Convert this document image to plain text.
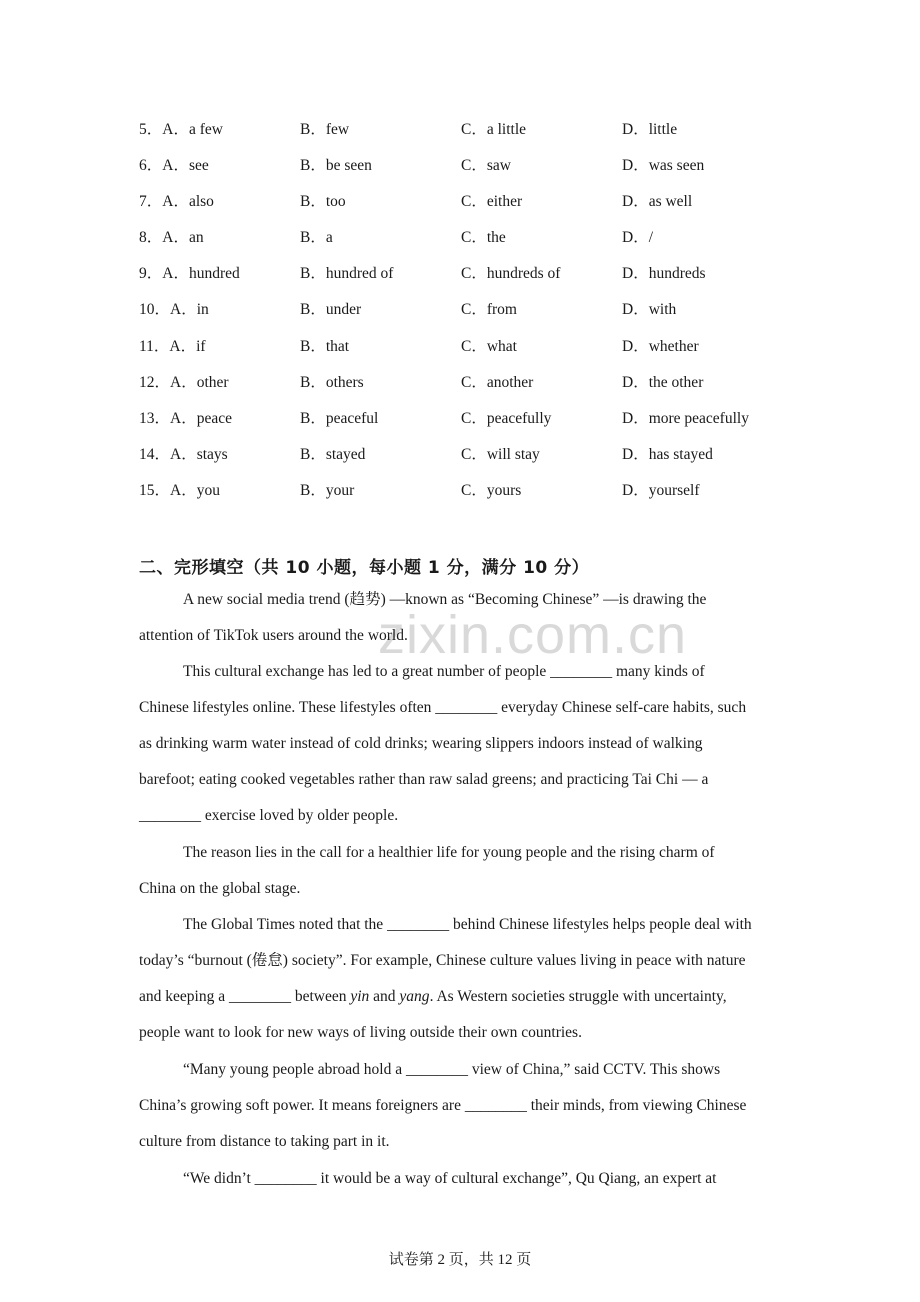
5．A．a few	B．few	C．a little	D．little
6．A．see	B．be seen	C．saw	D．was seen
7．A．also	B．too	C．either	D．as well
8．A．an	B．a	C．the	D．/
9．A．hundred	B．hundred of	C．hundreds of	D．hundreds
10．A．in	B．under	C．from	D．with
11．A．if	B．that	C．what	D．whether
12．A．other	B．others	C．another	D．the other
13．A．peace	B．peaceful	C．peacefully	D．more peacefully
14．A．stays	B．stayed	C．will stay	D．has stayed
15．A．you	B．your	C．yours	D．yourself
二、完形填空（共 10 小题，每小题 1 分，满分 10 分）
zixin.com.cn
A new social media trend (趋势) —known as “Becoming Chinese” —is drawing the
attention of TikTok users around the world.
This cultural exchange has led to a great number of people ________ many kinds of
Chinese lifestyles online. These lifestyles often ________ everyday Chinese self-care habits, such
as drinking warm water instead of cold drinks; wearing slippers indoors instead of walking
barefoot; eating cooked vegetables rather than raw salad greens; and practicing Tai Chi — a
________ exercise loved by older people.
The reason lies in the call for a healthier life for young people and the rising charm of
China on the global stage.
The Global Times noted that the ________ behind Chinese lifestyles helps people deal with
today’s “burnout (倦怠) society”. For example, Chinese culture values living in peace with nature
and keeping a ________ between yin and yang. As Western societies struggle with uncertainty,
people want to look for new ways of living outside their own countries.
“Many young people abroad hold a ________ view of China,” said CCTV. This shows
China’s growing soft power. It means foreigners are ________ their minds, from viewing Chinese
culture from distance to taking part in it.
“We didn’t ________ it would be a way of cultural exchange”, Qu Qiang, an expert at
试卷第 2 页，共 12 页
